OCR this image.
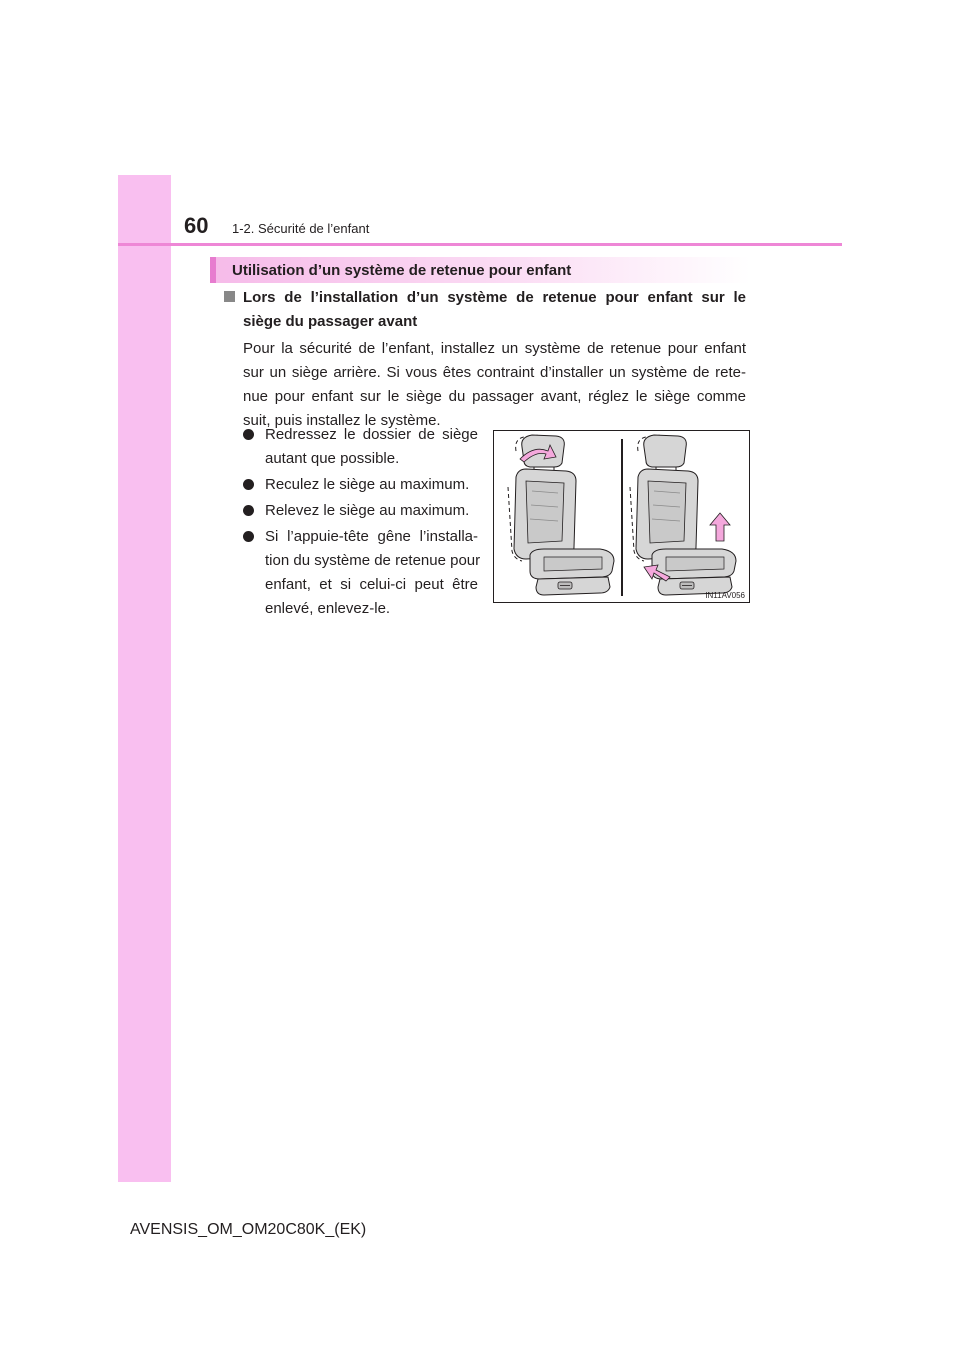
60 1-2. Sécurité de l’enfant
Utilisation d’un système de retenue pour enfant
Lors de l’installation d’un système de retenue pour enfant sur le
siège du passager avant
Pour la sécurité de l’enfant, installez un système de retenue pour enfant
sur un siège arrière. Si vous êtes contraint d’installer un système de rete-
nue pour enfant sur le siège du passager avant, réglez le siège comme
suit, puis installez le système.
Redressez le dossier de siège
autant que possible.
Reculez le siège au maximum.
Relevez le siège au maximum.
Si l’appuie-tête gêne l’installa-
tion du système de retenue pour
enfant, et si celui-ci peut être
enlevé, enlevez-le.
IN11AV056
AVENSIS_OM_OM20C80K_(EK)
